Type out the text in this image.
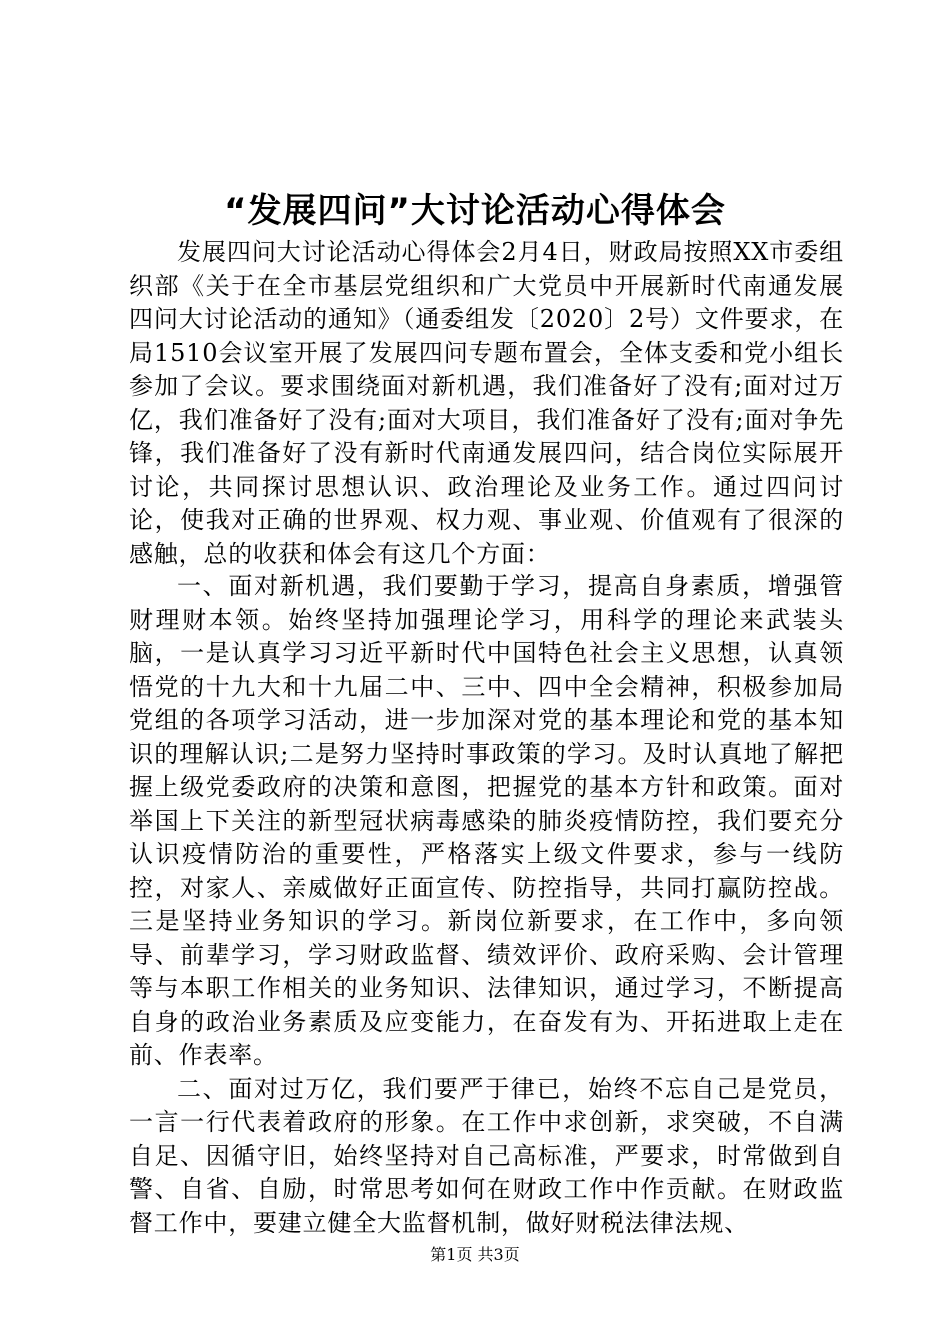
“发展四问”大讨论活动心得体会

发展四问大讨论活动心得体会2月4日，财政局按照XX市委组织部《关于在全市基层党组织和广大党员中开展新时代南通发展四问大讨论活动的通知》（通委组发〔2020〕2号）文件要求，在局1510会议室开展了发展四问专题布置会，全体支委和党小组长参加了会议。要求围绕面对新机遇，我们准备好了没有;面对过万亿，我们准备好了没有;面对大项目，我们准备好了没有;面对争先锋，我们准备好了没有新时代南通发展四问，结合岗位实际展开讨论，共同探讨思想认识、政治理论及业务工作。通过四问讨论，使我对正确的世界观、权力观、事业观、价值观有了很深的感触，总的收获和体会有这几个方面：

一、面对新机遇，我们要勤于学习，提高自身素质，增强管财理财本领。始终坚持加强理论学习，用科学的理论来武装头脑，一是认真学习习近平新时代中国特色社会主义思想，认真领悟党的十九大和十九届二中、三中、四中全会精神，积极参加局党组的各项学习活动，进一步加深对党的基本理论和党的基本知识的理解认识;二是努力坚持时事政策的学习。及时认真地了解把握上级党委政府的决策和意图，把握党的基本方针和政策。面对举国上下关注的新型冠状病毒感染的肺炎疫情防控，我们要充分认识疫情防治的重要性，严格落实上级文件要求，参与一线防控，对家人、亲威做好正面宣传、防控指导，共同打赢防控战。三是坚持业务知识的学习。新岗位新要求，在工作中，多向领导、前辈学习，学习财政监督、绩效评价、政府采购、会计管理等与本职工作相关的业务知识、法律知识，通过学习，不断提高自身的政治业务素质及应变能力，在奋发有为、开拓进取上走在前、作表率。

二、面对过万亿，我们要严于律已，始终不忘自己是党员，一言一行代表着政府的形象。在工作中求创新，求突破，不自满自足、因循守旧，始终坚持对自己高标准，严要求，时常做到自警、自省、自励，时常思考如何在财政工作中作贡献。在财政监督工作中，要建立健全大监督机制，做好财税法律法规、

第1页 共3页
